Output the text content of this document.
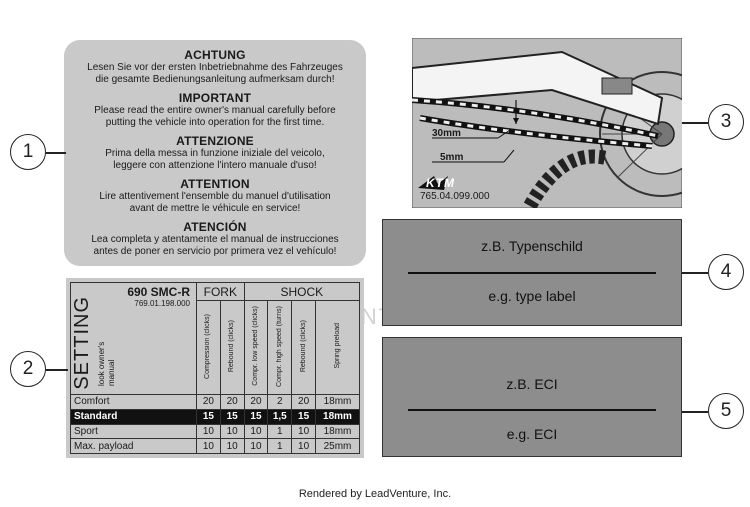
ACHTUNG
Lesen Sie vor der ersten Inbetriebnahme des Fahrzeuges
die gesamte Bedienungsanleitung aufmerksam durch!
IMPORTANT
Please read the entire owner's manual carefully before
putting the vehicle into operation for the first time.
ATTENZIONE
Prima della messa in funzione iniziale del veicolo,
leggere con attenzione l'intero manuale d'uso!
ATTENTION
Lire attentivement l'ensemble du manuel d'utilisation
avant de mettre le véhicule en service!
ATENCIÓN
Lea completa y atentamente el manual de instrucciones
antes de poner en servicio por primera vez el vehículo!
690 SMC-R
769.01.198.000
SETTING look owner's manual	FORK		SHOCK			
	Compression (clicks)	Rebound (clicks)	Compr. low speed (clicks)	Compr. high speed (turns)	Rebound (clicks)	Spring preload
Comfort	20	20	20	2	20	18mm
Standard	15	15	15	1,5	15	18mm
Sport	10	10	10	1	10	18mm
Max. payload	10	10	10	1	10	25mm
30mm
5mm
KTM
765.04.099.000
z.B. Typenschild
e.g. type label
z.B. ECI
e.g. ECI
1
2
3
4
5
Rendered by LeadVenture, Inc.
